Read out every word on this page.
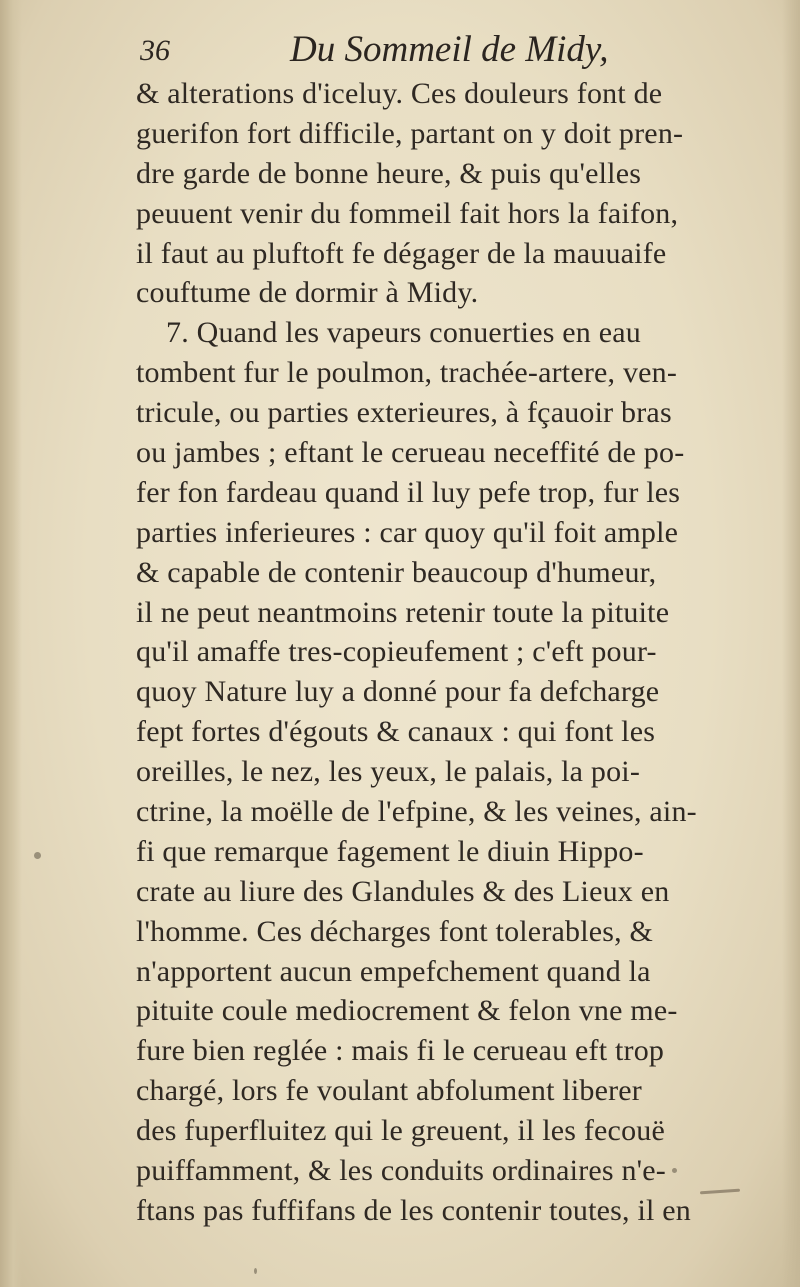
36	Du Sommeil de Midy,
& alterations d'iceluy. Ces douleurs font de
guerifon fort difficile, partant on y doit pren-
dre garde de bonne heure, & puis qu'elles
peuuent venir du fommeil fait hors la faifon,
il faut au pluftoft fe dégager de la mauuaife
couftume de dormir à Midy.
7. Quand les vapeurs conuerties en eau
tombent fur le poulmon, trachée-artere, ven-
tricule, ou parties exterieures, à fçauoir bras
ou jambes ; eftant le cerueau neceffité de po-
fer fon fardeau quand il luy pefe trop, fur les
parties inferieures : car quoy qu'il foit ample
& capable de contenir beaucoup d'humeur,
il ne peut neantmoins retenir toute la pituite
qu'il amaffe tres-copieufement ; c'eft pour-
quoy Nature luy a donné pour fa defcharge
fept fortes d'égouts & canaux : qui font les
oreilles, le nez, les yeux, le palais, la poi-
ctrine, la moëlle de l'efpine, & les veines, ain-
fi que remarque fagement le diuin Hippo-
crate au liure des Glandules & des Lieux en
l'homme. Ces décharges font tolerables, &
n'apportent aucun empefchement quand la
pituite coule mediocrement & felon vne me-
fure bien reglée : mais fi le cerueau eft trop
chargé, lors fe voulant abfolument liberer
des fuperfluitez qui le greuent, il les fecouë
puiffamment, & les conduits ordinaires n'e-
ftans pas fuffifans de les contenir toutes, il en
